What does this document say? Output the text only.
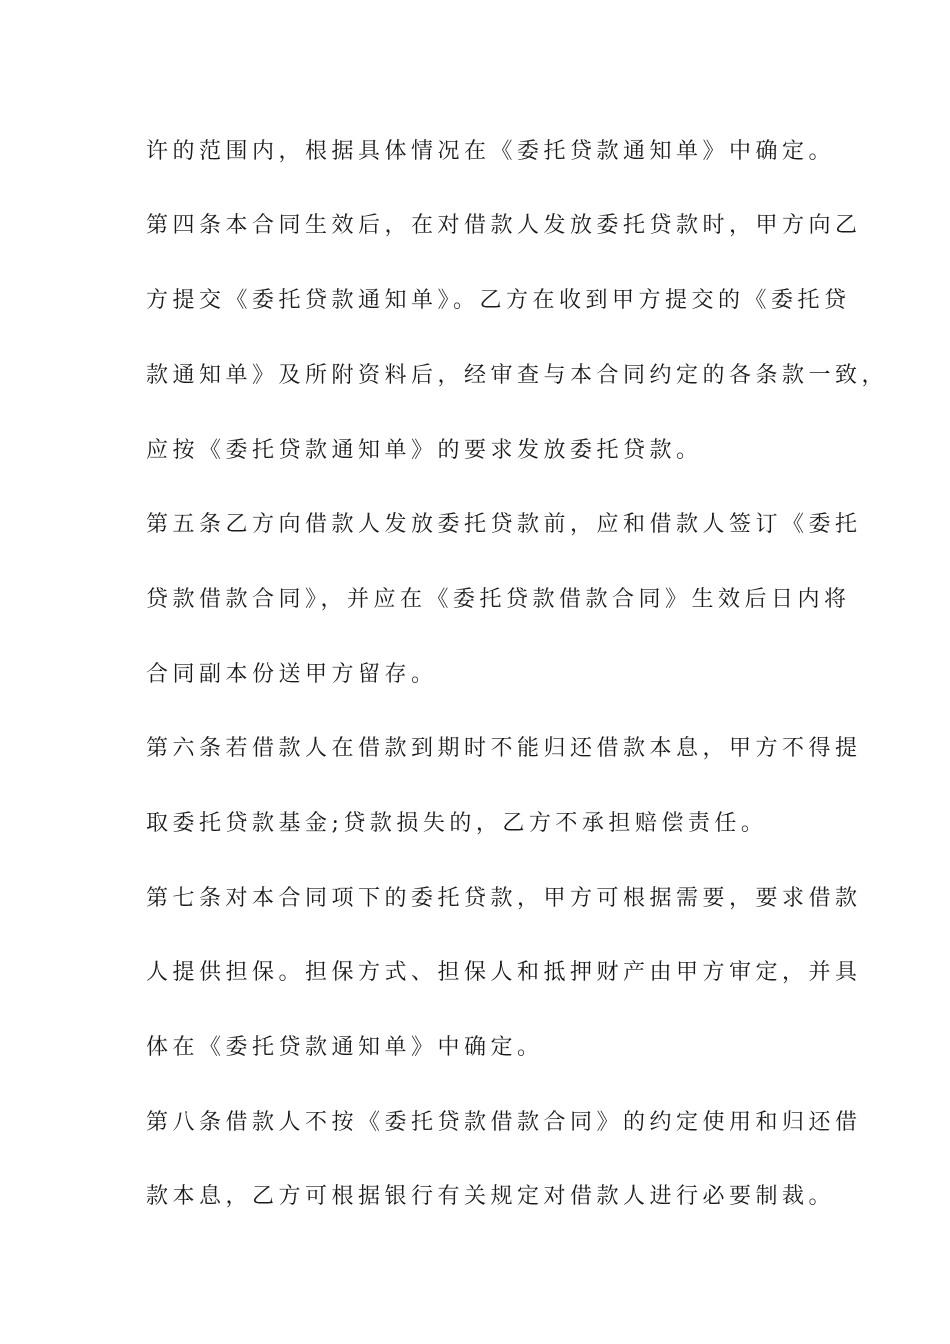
许的范围内，根据具体情况在《委托贷款通知单》中确定。
第四条本合同生效后，在对借款人发放委托贷款时，甲方向乙
方提交《委托贷款通知单》。乙方在收到甲方提交的《委托贷
款通知单》及所附资料后，经审查与本合同约定的各条款一致，
应按《委托贷款通知单》的要求发放委托贷款。
第五条乙方向借款人发放委托贷款前，应和借款人签订《委托
贷款借款合同》，并应在《委托贷款借款合同》生效后日内将
合同副本份送甲方留存。
第六条若借款人在借款到期时不能归还借款本息，甲方不得提
取委托贷款基金;贷款损失的，乙方不承担赔偿责任。
第七条对本合同项下的委托贷款，甲方可根据需要，要求借款
人提供担保。担保方式、担保人和抵押财产由甲方审定，并具
体在《委托贷款通知单》中确定。
第八条借款人不按《委托贷款借款合同》的约定使用和归还借
款本息，乙方可根据银行有关规定对借款人进行必要制裁。
